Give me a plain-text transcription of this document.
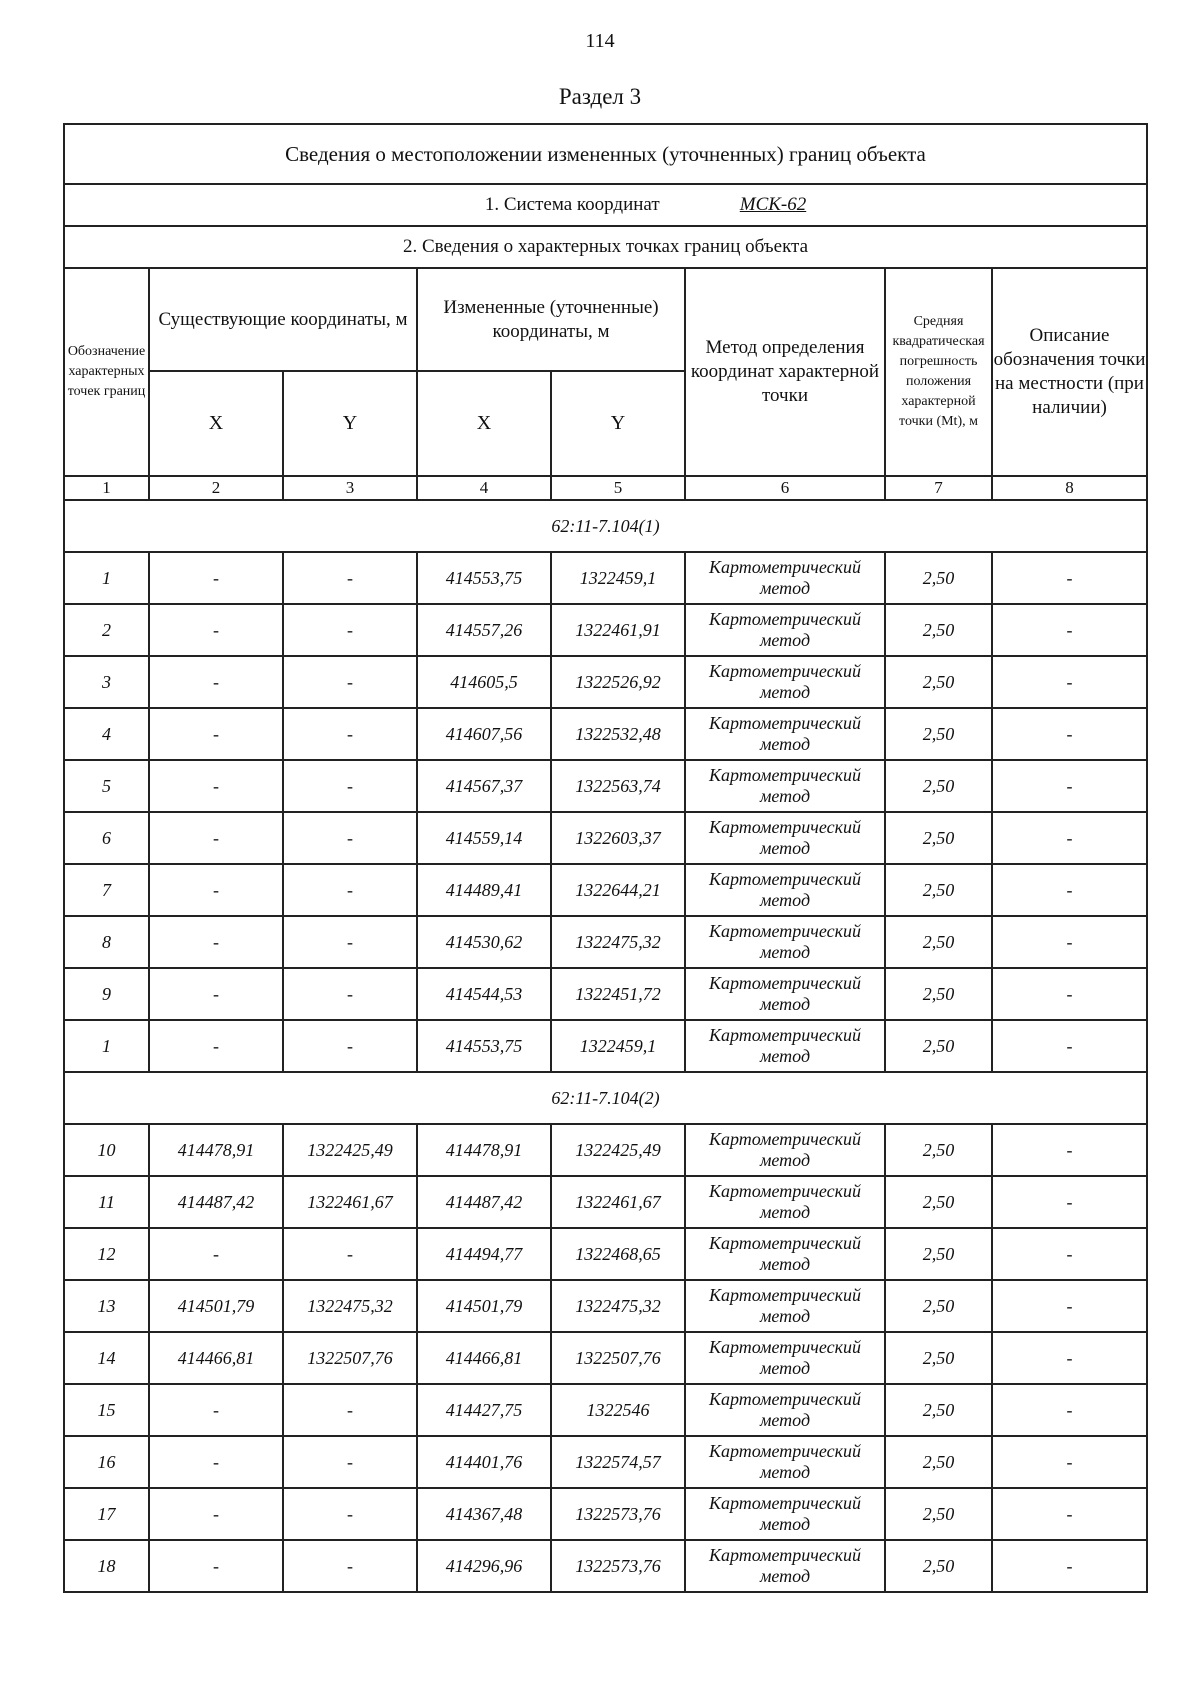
114
Раздел 3
Сведения о местоположении измененных (уточненных) границ объекта							
1. Система координат МСК-62							
2. Сведения о характерных точках границ объекта							
Обозначение характерных точек границ	Существующие координаты, м		Измененные (уточненные) координаты, м		Метод определения координат характерной точки	Средняя квадратическая погрешность положения характерной точки (Mt), м	Описание обозначения точки на местности (при наличии)
	X	Y	X	Y			
1	2	3	4	5	6	7	8
62:11-7.104(1)							
1	-	-	414553,75	1322459,1	Картометрический метод	2,50	-
2	-	-	414557,26	1322461,91	Картометрический метод	2,50	-
3	-	-	414605,5	1322526,92	Картометрический метод	2,50	-
4	-	-	414607,56	1322532,48	Картометрический метод	2,50	-
5	-	-	414567,37	1322563,74	Картометрический метод	2,50	-
6	-	-	414559,14	1322603,37	Картометрический метод	2,50	-
7	-	-	414489,41	1322644,21	Картометрический метод	2,50	-
8	-	-	414530,62	1322475,32	Картометрический метод	2,50	-
9	-	-	414544,53	1322451,72	Картометрический метод	2,50	-
1	-	-	414553,75	1322459,1	Картометрический метод	2,50	-
62:11-7.104(2)							
10	414478,91	1322425,49	414478,91	1322425,49	Картометрический метод	2,50	-
11	414487,42	1322461,67	414487,42	1322461,67	Картометрический метод	2,50	-
12	-	-	414494,77	1322468,65	Картометрический метод	2,50	-
13	414501,79	1322475,32	414501,79	1322475,32	Картометрический метод	2,50	-
14	414466,81	1322507,76	414466,81	1322507,76	Картометрический метод	2,50	-
15	-	-	414427,75	1322546	Картометрический метод	2,50	-
16	-	-	414401,76	1322574,57	Картометрический метод	2,50	-
17	-	-	414367,48	1322573,76	Картометрический метод	2,50	-
18	-	-	414296,96	1322573,76	Картометрический метод	2,50	-
